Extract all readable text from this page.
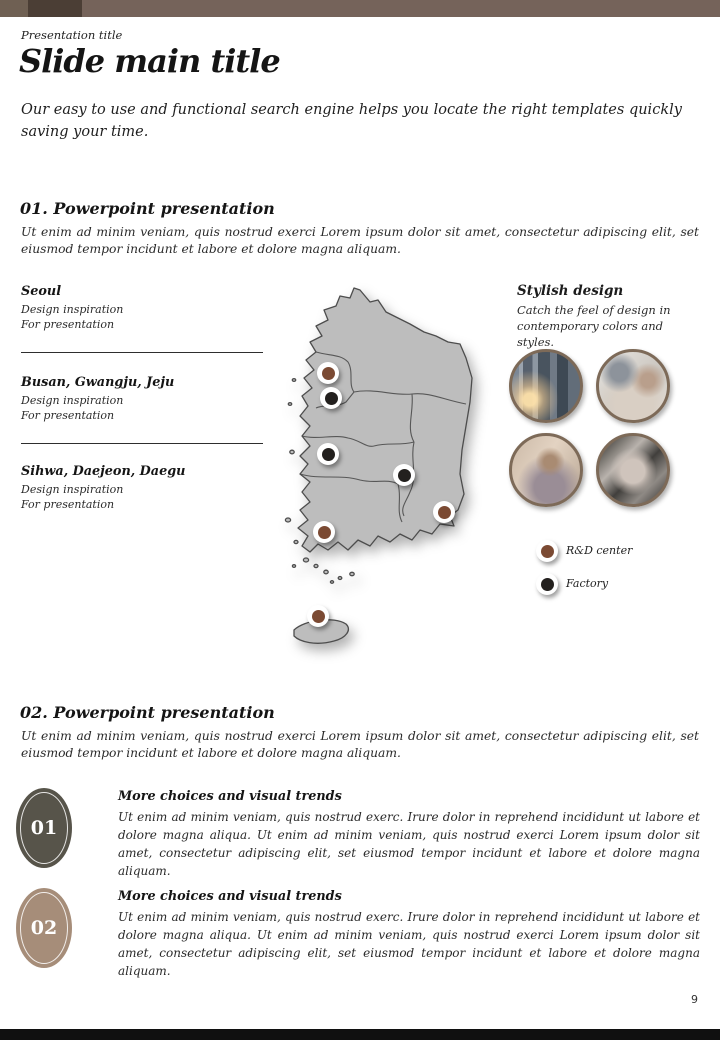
Presentation title
Slide main title
Our easy to use and functional search engine helps you locate the right templates quickly saving your time.
01. Powerpoint presentation
Ut enim ad minim veniam, quis nostrud exerci Lorem ipsum dolor sit amet, consectetur adipiscing elit, set eiusmod tempor incidunt et labore et dolore magna aliquam.
Seoul
Design inspiration
For presentation
Busan, Gwangju, Jeju
Design inspiration
For presentation
Sihwa, Daejeon, Daegu
Design inspiration
For presentation
Stylish design
Catch the feel of design in contemporary colors and styles.
R&D center
Factory
02. Powerpoint presentation
Ut enim ad minim veniam, quis nostrud exerci Lorem ipsum dolor sit amet, consectetur adipiscing elit, set eiusmod tempor incidunt et labore et dolore magna aliquam.
01
More choices and visual trends
Ut enim ad minim veniam, quis nostrud exerc. Irure dolor in reprehend incididunt ut labore et dolore magna aliqua. Ut enim ad minim veniam, quis nostrud exerci Lorem ipsum dolor sit amet, consectetur adipiscing elit, set eiusmod tempor incidunt et labore et dolore magna aliquam.
02
More choices and visual trends
Ut enim ad minim veniam, quis nostrud exerc. Irure dolor in reprehend incididunt ut labore et dolore magna aliqua. Ut enim ad minim veniam, quis nostrud exerci Lorem ipsum dolor sit amet, consectetur adipiscing elit, set eiusmod tempor incidunt et labore et dolore magna aliquam.
9
